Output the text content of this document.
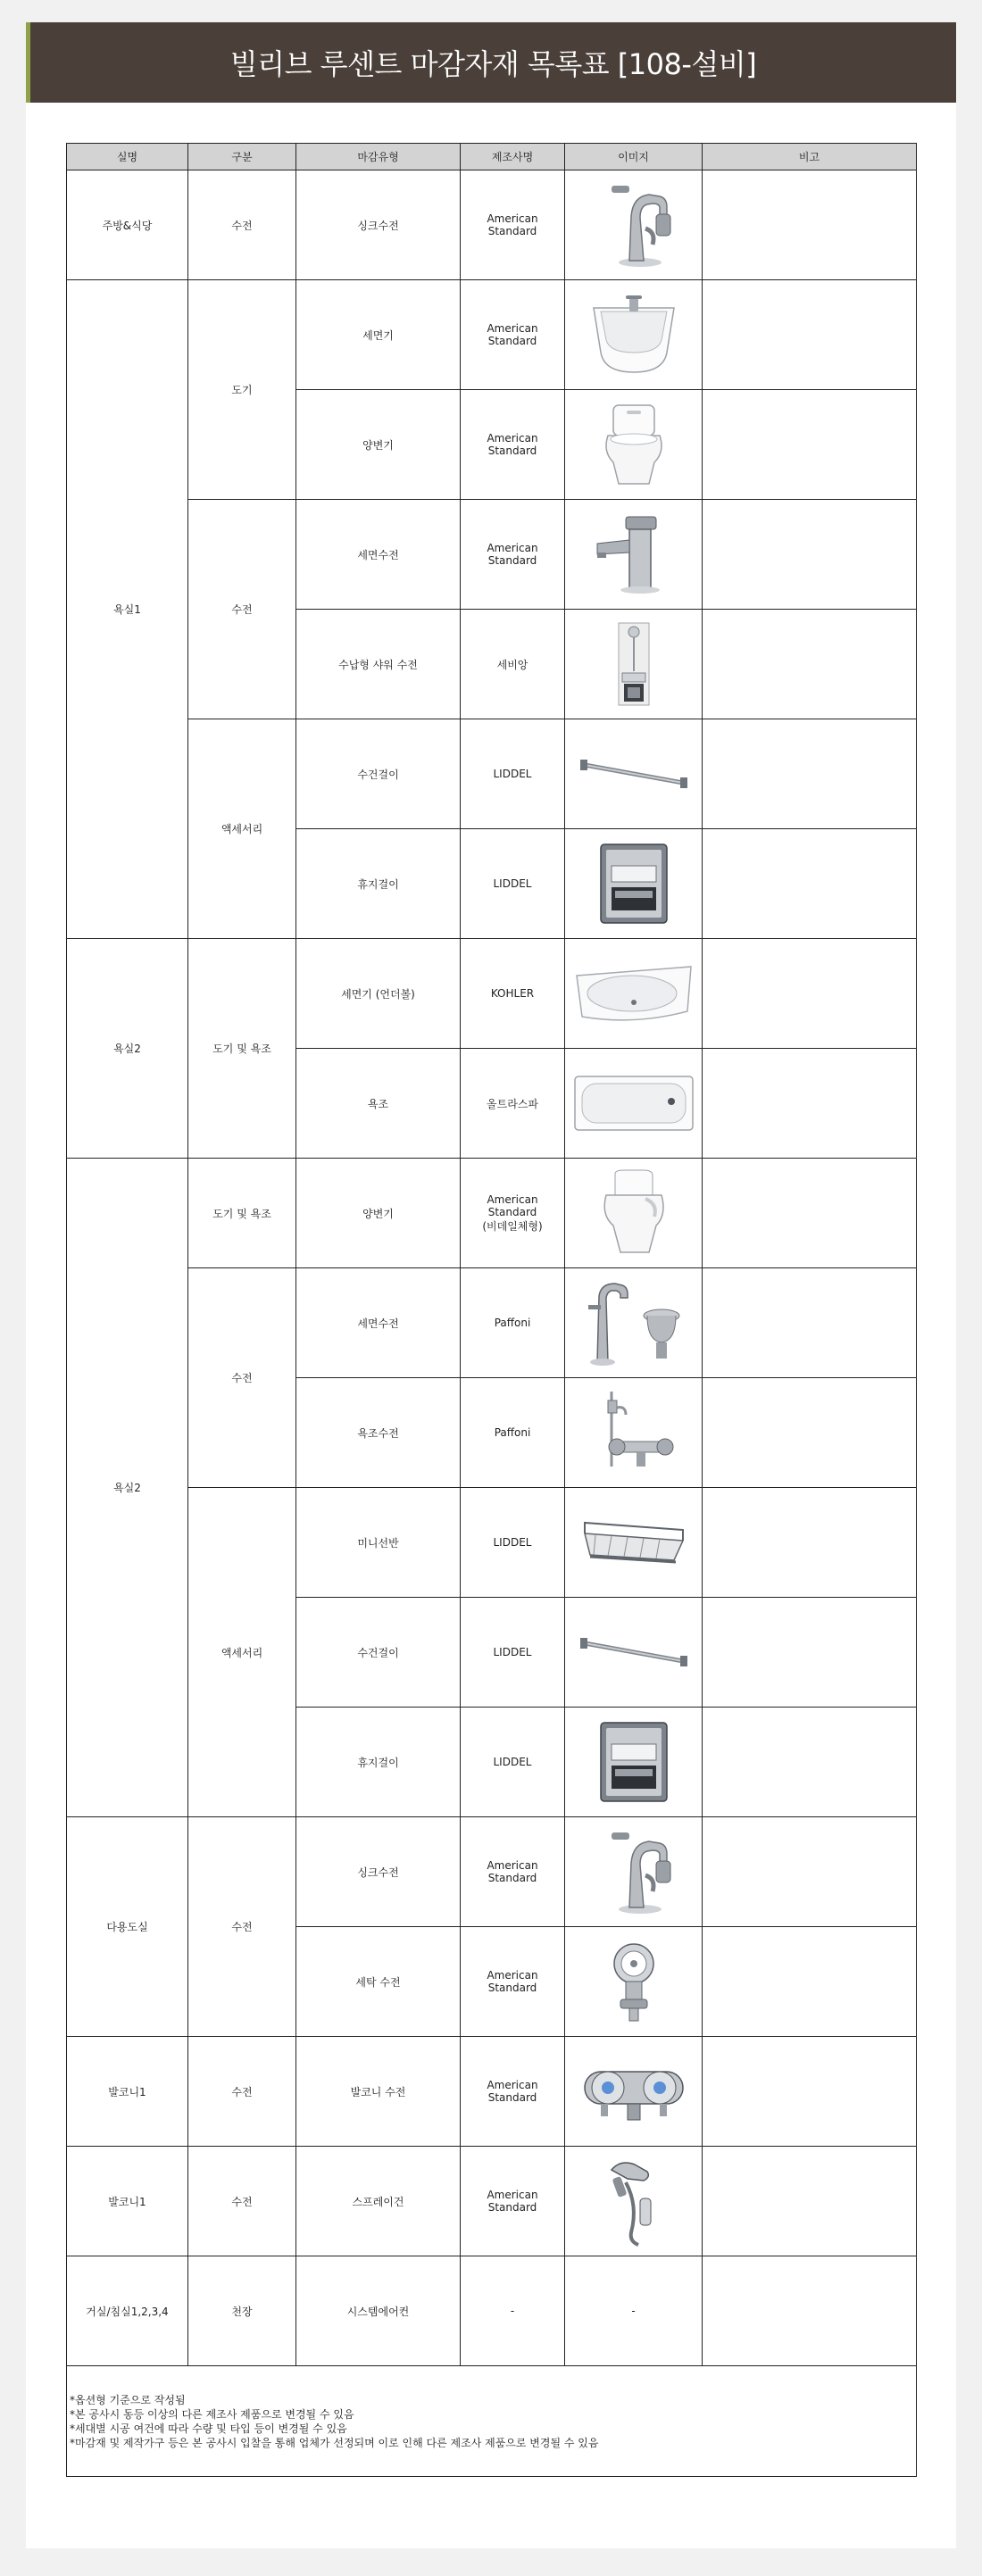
빌리브 루센트 마감자재 목록표 [108-설비]
실명	구분	마감유형	제조사명	이미지	비고
주방&식당	수전	싱크수전	American Standard

욕실1	도기	세면기	American Standard

		양변기	American Standard

	수전	세면수전	American Standard

		수납형 샤워 수전	세비앙

	액세서리	수건걸이	LIDDEL

		휴지걸이	LIDDEL

욕실2	도기 및 욕조	세면기 (언더볼)	KOHLER

		욕조	올트라스파

욕실2	도기 및 욕조	양변기	American Standard
(비데일체형)

	수전	세면수전	Paffoni

		욕조수전	Paffoni

	액세서리	미니선반	LIDDEL

		수건걸이	LIDDEL

		휴지걸이	LIDDEL

다용도실	수전	싱크수전	American Standard

		세탁 수전	American Standard

발코니1	수전	발코니 수전	American Standard

발코니1	수전	스프레이건	American Standard

거실/침실1,2,3,4	천장	시스템에어컨	-	-	

*옵션형 기준으로 작성됨
*본 공사시 동등 이상의 다른 제조사 제품으로 변경될 수 있음
*세대별 시공 여건에 따라 수량 및 타입 등이 변경될 수 있음
*마감재 및 제작가구 등은 본 공사시 입찰을 통해 업체가 선정되며 이로 인해 다른 제조사 제품으로 변경될 수 있음					
